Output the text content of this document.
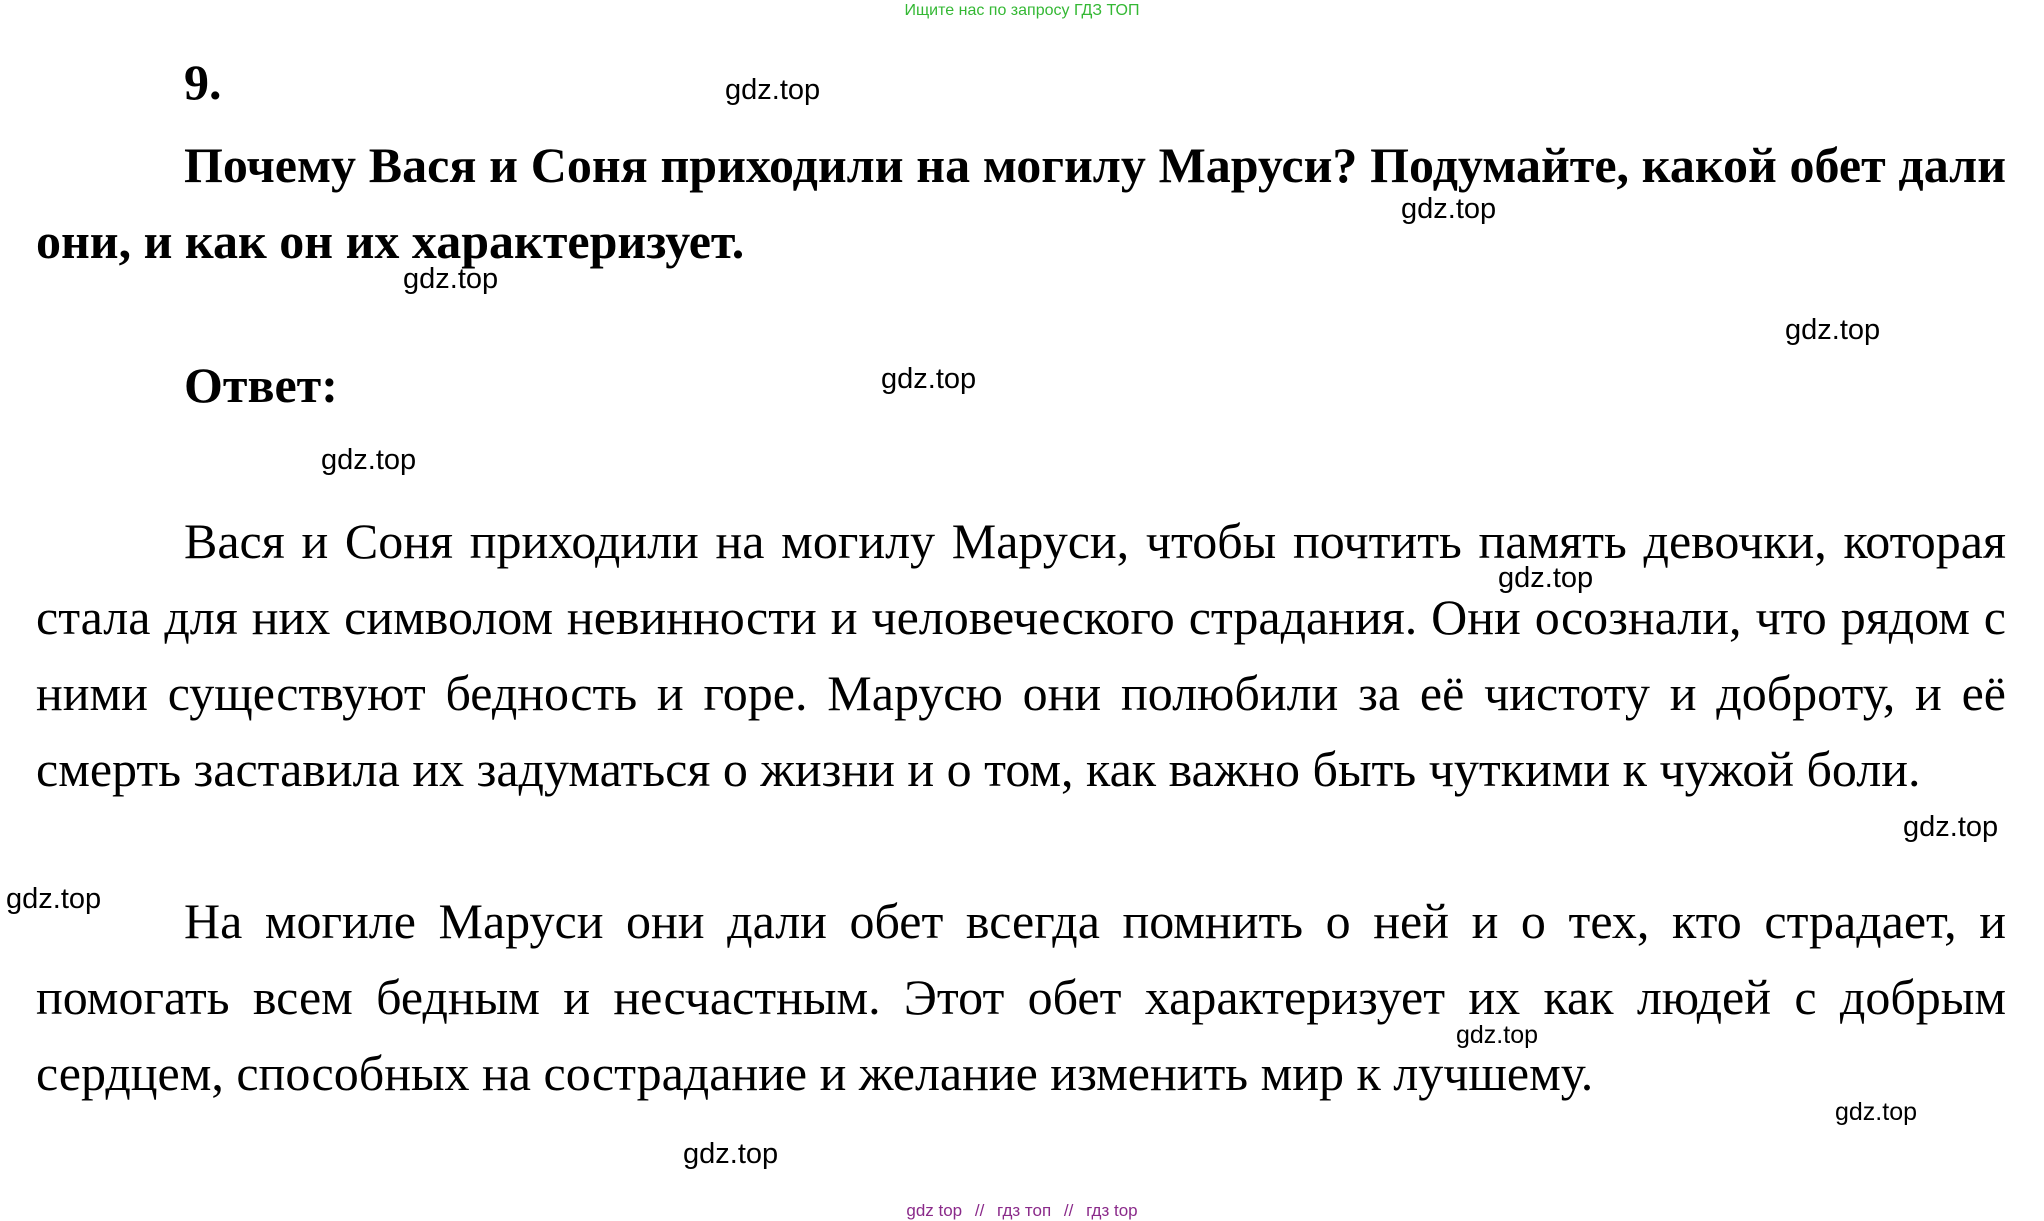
Ищите нас по запросу ГДЗ ТОП
9.

Почему Вася и Соня приходили на могилу Маруси? Подумайте, какой обет дали они, и как он их характеризует.

Ответ:

Вася и Соня приходили на могилу Маруси, чтобы почтить память девочки, которая стала для них символом невинности и человеческого страдания. Они осознали, что рядом с ними существуют бедность и горе. Марусю они полюбили за её чистоту и доброту, и её смерть заставила их задуматься о жизни и о том, как важно быть чуткими к чужой боли.

На могиле Маруси они дали обет всегда помнить о ней и о тех, кто страдает, и помогать всем бедным и несчастным. Этот обет характеризует их как людей с добрым сердцем, способных на сострадание и желание изменить мир к лучшему.

gdz.top
gdz.top
gdz.top
gdz.top
gdz.top
gdz.top
gdz.top
gdz.top
gdz.top
gdz.top
gdz.top
gdz.top
gdz top // гдз топ // гдз top
